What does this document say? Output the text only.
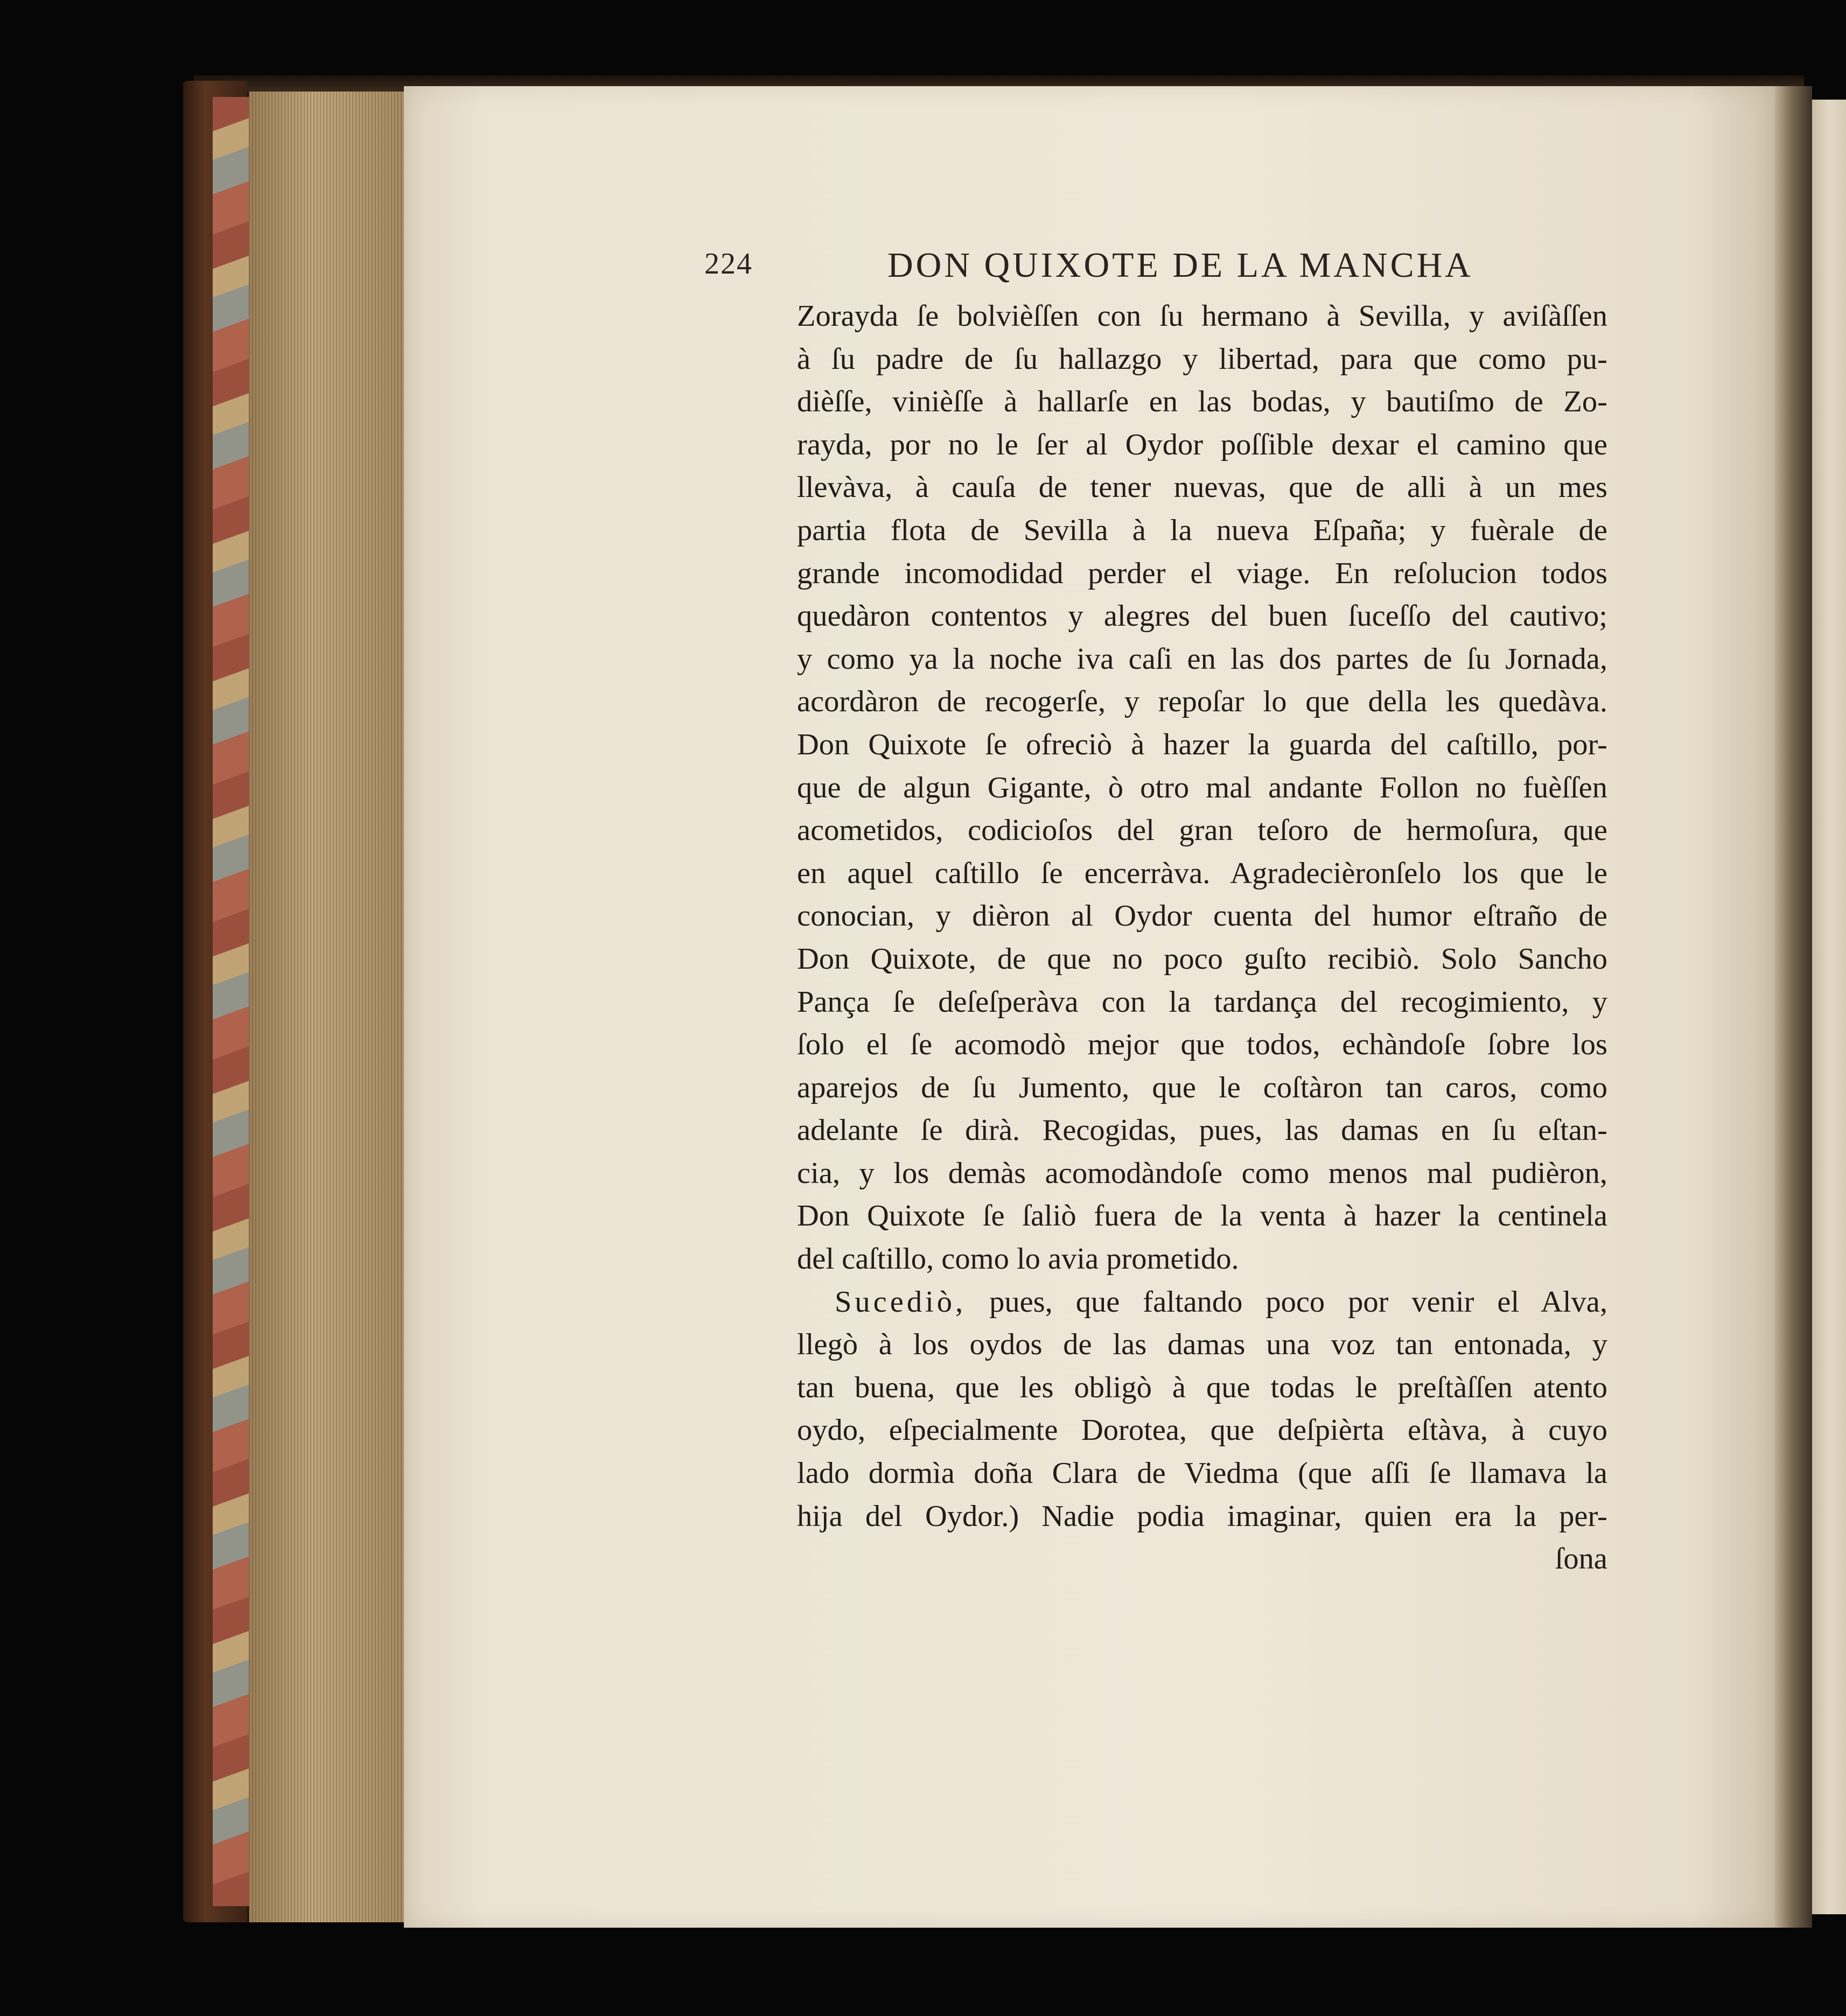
224	DON QUIXOTE DE LA MANCHA
Zorayda ſe bolvièſſen con ſu hermano à Sevilla, y aviſàſſen
à ſu padre de ſu hallazgo y libertad, para que como pu-
dièſſe, vinièſſe à hallarſe en las bodas, y bautiſmo de Zo-
rayda, por no le ſer al Oydor poſſible dexar el camino que
llevàva, à cauſa de tener nuevas, que de alli à un mes
partia flota de Sevilla à la nueva Eſpaña; y fuèrale de
grande incomodidad perder el viage. En reſolucion todos
quedàron contentos y alegres del buen ſuceſſo del cautivo;
y como ya la noche iva caſi en las dos partes de ſu Jornada,
acordàron de recogerſe, y repoſar lo que della les quedàva.
Don Quixote ſe ofreciò à hazer la guarda del caſtillo, por-
que de algun Gigante, ò otro mal andante Follon no fuèſſen
acometidos, codicioſos del gran teſoro de hermoſura, que
en aquel caſtillo ſe encerràva. Agradecièronſelo los que le
conocian, y dièron al Oydor cuenta del humor eſtraño de
Don Quixote, de que no poco guſto recibiò. Solo Sancho
Pança ſe deſeſperàva con la tardança del recogimiento, y
ſolo el ſe acomodò mejor que todos, echàndoſe ſobre los
aparejos de ſu Jumento, que le coſtàron tan caros, como
adelante ſe dirà. Recogidas, pues, las damas en ſu eſtan-
cia, y los demàs acomodàndoſe como menos mal pudièron,
Don Quixote ſe ſaliò fuera de la venta à hazer la centinela
del caſtillo, como lo avia prometido.
Sucediò, pues, que faltando poco por venir el Alva,
llegò à los oydos de las damas una voz tan entonada, y
tan buena, que les obligò à que todas le preſtàſſen atento
oydo, eſpecialmente Dorotea, que deſpièrta eſtàva, à cuyo
lado dormìa doña Clara de Viedma (que aſſi ſe llamava la
hija del Oydor.) Nadie podia imaginar, quien era la per-
ſona
